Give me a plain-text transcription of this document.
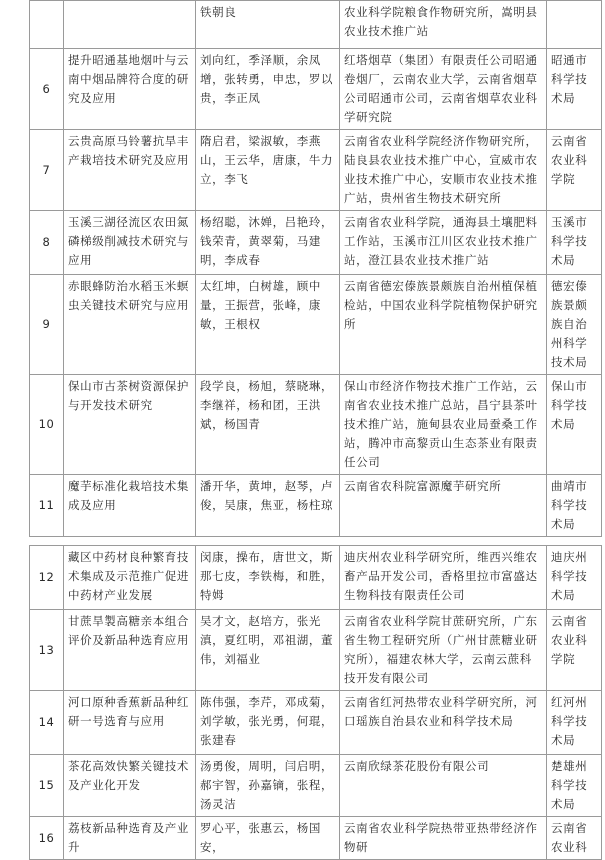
		铁朝良	农业科学院粮食作物研究所，嵩明县农业技术推广站	
6	提升昭通基地烟叶与云南中烟品牌符合度的研究及应用	刘向红，季泽顺，余凤增，张转勇，申忠，罗以贵，李正凤	红塔烟草（集团）有限责任公司昭通卷烟厂，云南农业大学，云南省烟草公司昭通市公司，云南省烟草农业科学研究院	昭通市科学技术局
7	云贵高原马铃薯抗旱丰产栽培技术研究及应用	隋启君，梁淑敏，李燕山，王云华，唐康，牛力立，李飞	云南省农业科学院经济作物研究所，陆良县农业技术推广中心，宣威市农业技术推广中心，安顺市农业技术推广站，贵州省生物技术研究所	云南省农业科学院
8	玉溪三湖径流区农田氮磷梯级削减技术研究与应用	杨绍聪，沐婵，吕艳玲，钱荣青，黄翠菊，马建明，李成春	云南省农业科学院，通海县土壤肥料工作站，玉溪市江川区农业技术推广站，澄江县农业技术推广站	玉溪市科学技术局
9	赤眼蜂防治水稻玉米螟虫关键技术研究与应用	太红坤，白树雄，顾中量，王振营，张峰，康敏，王根权	云南省德宏傣族景颇族自治州植保植检站，中国农业科学院植物保护研究所	德宏傣族景颇族自治州科学技术局
10	保山市古茶树资源保护与开发技术研究	段学良，杨旭，蔡晓琳，李继祥，杨和团，王洪斌，杨国青	保山市经济作物技术推广工作站，云南省农业技术推广总站，昌宁县茶叶技术推广站，施甸县农业局蚕桑工作站，腾冲市高黎贡山生态茶业有限责任公司	保山市科学技术局
11	魔芋标准化栽培技术集成及应用	潘开华，黄坤，赵琴，卢俊，吴康，焦亚，杨柱琼	云南省农科院富源魔芋研究所	曲靖市科学技术局

12	藏区中药材良种繁育技术集成及示范推广促进中药材产业发展	闵康，操布，唐世文，斯那七皮，李铁梅，和胜，特姆	迪庆州农业科学研究所，维西兴维农畜产品开发公司，香格里拉市富盛达生物科技有限责任公司	迪庆州科学技术局
13	甘蔗旱製高糖亲本组合评价及新品种选育应用	吴才文，赵培方，张光滇，夏红明，邓祖湖，董伟，刘福业	云南省农业科学院甘蔗研究所，广东省生物工程研究所（广州甘蔗糖业研究所），福建农林大学，云南云蔗科技开发有限公司	云南省农业科学院
14	河口原种香蕉新品种红研一号选育与应用	陈伟强，李芹，邓成菊，刘学敏，张光勇，何琨，张建春	云南省红河热带农业科学研究所，河口瑶族自治县农业和科学技术局	红河州科学技术局
15	茶花高效快繁关键技术及产业化开发	汤勇俊，周明，闫启明，郝宇智，孙嘉镝，张程，汤灵洁	云南欣绿茶花股份有限公司	楚雄州科学技术局
16	荔枝新品种选育及产业升	罗心平，张惠云，杨国安，	云南省农业科学院热带亚热带经济作物研	云南省农业科
